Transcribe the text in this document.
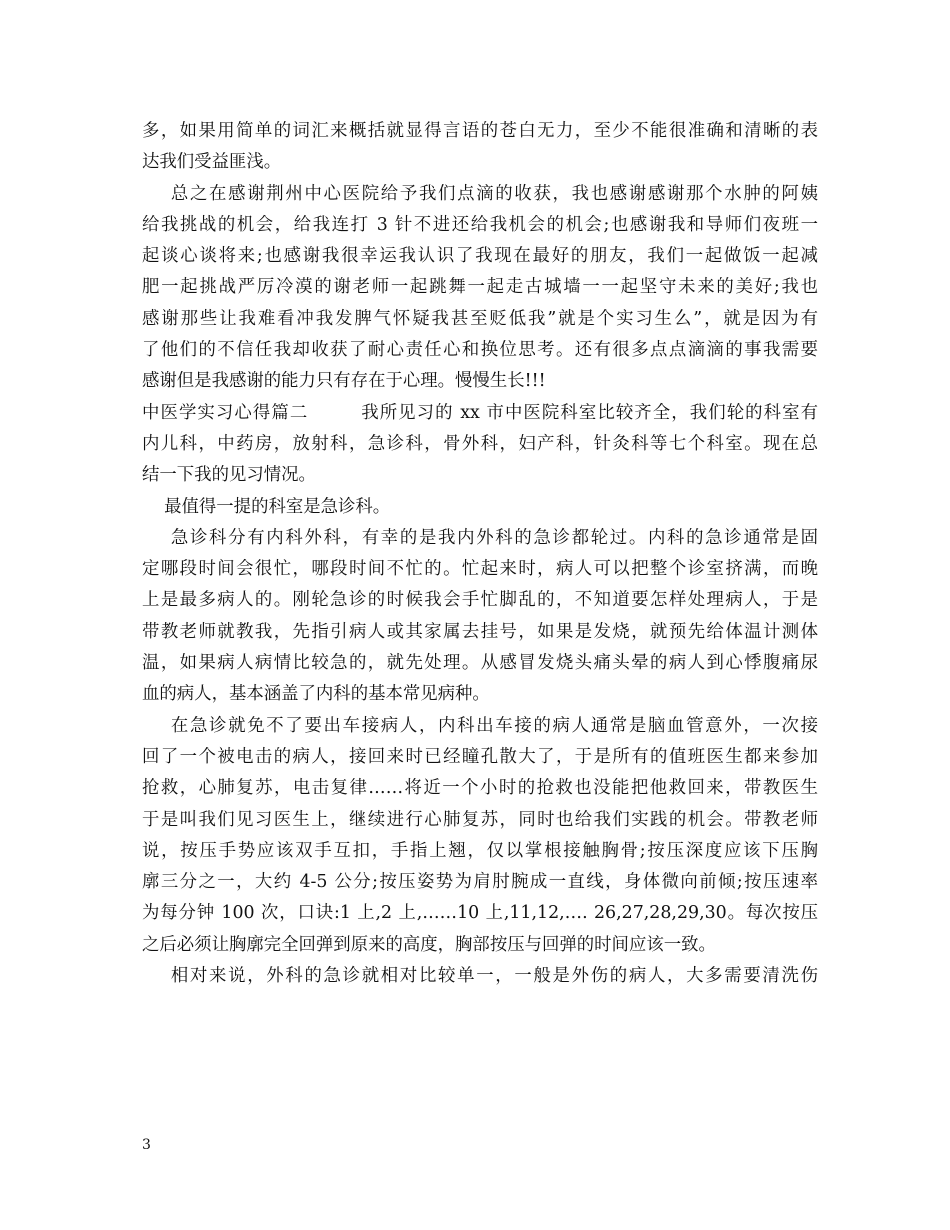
多，如果用简单的词汇来概括就显得言语的苍白无力，至少不能很准确和清晰的表
达我们受益匪浅。
总之在感谢荆州中心医院给予我们点滴的收获，我也感谢感谢那个水肿的阿姨
给我挑战的机会，给我连打 3 针不进还给我机会的机会;也感谢我和导师们夜班一
起谈心谈将来;也感谢我很幸运我认识了我现在最好的朋友，我们一起做饭一起减
肥一起挑战严厉冷漠的谢老师一起跳舞一起走古城墙一一起坚守未来的美好;我也
感谢那些让我难看冲我发脾气怀疑我甚至贬低我”就是个实习生么”，就是因为有
了他们的不信任我却收获了耐心责任心和换位思考。还有很多点点滴滴的事我需要
感谢但是我感谢的能力只有存在于心理。慢慢生长!!!
中医学实习心得篇二        我所见习的 xx 市中医院科室比较齐全，我们轮的科室有
内儿科，中药房，放射科，急诊科，骨外科，妇产科，针灸科等七个科室。现在总
结一下我的见习情况。
最值得一提的科室是急诊科。
急诊科分有内科外科，有幸的是我内外科的急诊都轮过。内科的急诊通常是固
定哪段时间会很忙，哪段时间不忙的。忙起来时，病人可以把整个诊室挤满，而晚
上是最多病人的。刚轮急诊的时候我会手忙脚乱的，不知道要怎样处理病人，于是
带教老师就教我，先指引病人或其家属去挂号，如果是发烧，就预先给体温计测体
温，如果病人病情比较急的，就先处理。从感冒发烧头痛头晕的病人到心悸腹痛尿
血的病人，基本涵盖了内科的基本常见病种。
在急诊就免不了要出车接病人，内科出车接的病人通常是脑血管意外，一次接
回了一个被电击的病人，接回来时已经瞳孔散大了，于是所有的值班医生都来参加
抢救，心肺复苏，电击复律……将近一个小时的抢救也没能把他救回来，带教医生
于是叫我们见习医生上，继续进行心肺复苏，同时也给我们实践的机会。带教老师
说，按压手势应该双手互扣，手指上翘，仅以掌根接触胸骨;按压深度应该下压胸
廓三分之一，大约 4-5 公分;按压姿势为肩肘腕成一直线，身体微向前倾;按压速率
为每分钟 100 次，口诀:1 上,2 上,……10 上,11,12,…. 26,27,28,29,30。每次按压
之后必须让胸廓完全回弹到原来的高度，胸部按压与回弹的时间应该一致。
相对来说，外科的急诊就相对比较单一，一般是外伤的病人，大多需要清洗伤
3
